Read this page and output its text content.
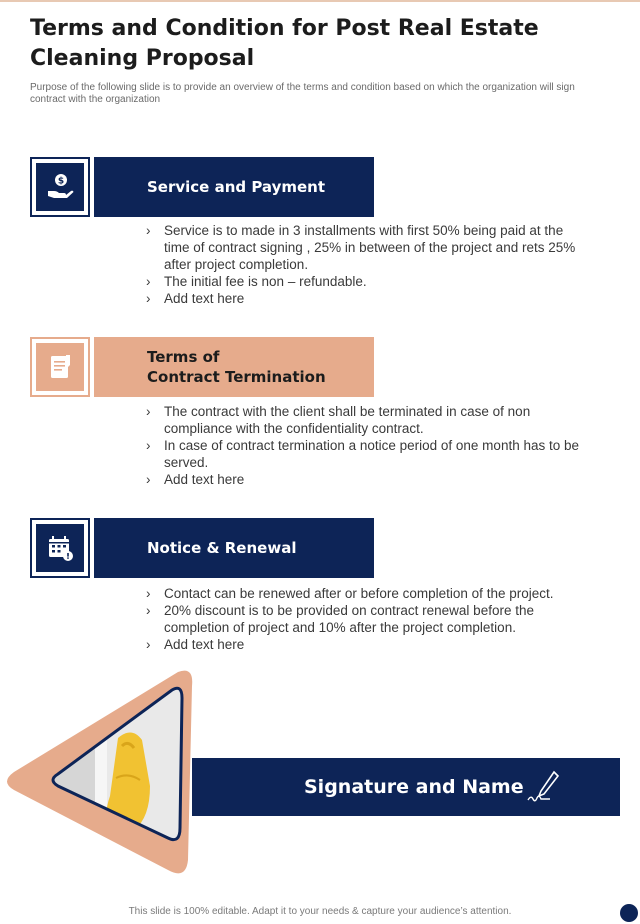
Terms and Condition for Post Real Estate Cleaning Proposal

Purpose of the following slide is to provide an overview of the terms and condition based on which the organization will sign contract with the organization

$	Service and Payment
› Service is to made in 3 installments with first 50% being paid at the time of contract signing , 25% in between of the project and rets 25% after project completion.
› The initial fee is non – refundable.
› Add text here
Terms of
Contract Termination
› The contract with the client shall be terminated in case of non compliance with the confidentiality contract.
› In case of contract termination a notice period of one month has to be served.
› Add text here
Notice & Renewal
› Contact can be renewed after or before completion of the project.
› 20% discount is to be provided on contract renewal before the completion of project and 10% after the project completion.
› Add text here
Signature and Name
This slide is 100% editable. Adapt it to your needs & capture your audience’s attention.
